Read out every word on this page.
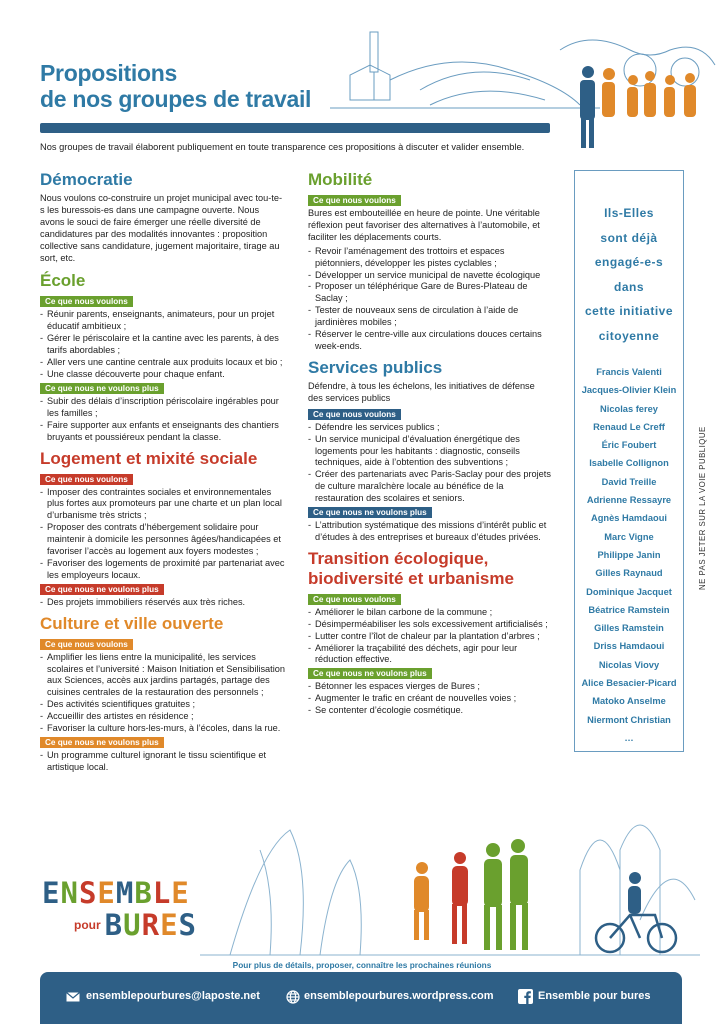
Propositions
de nos groupes de travail
Nos groupes de travail élaborent publiquement en toute transparence ces propositions à discuter et valider ensemble.
Démocratie
Nous voulons co-construire un projet municipal avec tou-te-s les buressois-es dans une campagne ouverte. Nous avons le souci de faire émerger une réelle diversité de candidatures par des modalités innovantes : proposition collective sans candidature, jugement majoritaire, tirage au sort, etc.
École
Ce que nous voulons
- Réunir parents, enseignants, animateurs, pour un projet éducatif ambitieux ;
- Gérer le périscolaire et la cantine avec les parents, à des tarifs abordables ;
- Aller vers une cantine centrale aux produits locaux et bio ;
- Une classe découverte pour chaque enfant.
Ce que nous ne voulons plus
- Subir des délais d’inscription périscolaire ingérables pour les familles ;
- Faire supporter aux enfants et enseignants des chantiers bruyants et poussiéreux pendant la classe.
Logement et mixité sociale
Ce que nous voulons
- Imposer des contraintes sociales et environnementales plus fortes aux promoteurs par une charte et un plan local d’urbanisme très stricts ;
- Proposer des contrats d’hébergement solidaire pour maintenir à domicile les personnes âgées/handicapées et favoriser l’accès au logement aux foyers modestes ;
- Favoriser des logements de proximité par partenariat avec les employeurs locaux.
Ce que nous ne voulons plus
- Des projets immobiliers réservés aux très riches.
Culture et ville ouverte
Ce que nous voulons
- Amplifier les liens entre la municipalité, les services scolaires et l’université : Maison Initiation et Sensibilisation aux Sciences, accès aux jardins partagés, partage des cuisines centrales de la restauration des personnels ;
- Des activités scientifiques gratuites ;
- Accueillir des artistes en résidence ;
- Favoriser la culture hors-les-murs, à l’écoles, dans la rue.
Ce que nous ne voulons plus
- Un programme culturel ignorant le tissu scientifique et artistique local.
Mobilité
Ce que nous voulons
Bures est embouteillée en heure de pointe. Une véritable réflexion peut favoriser des alternatives à l’automobile, et faciliter les déplacements courts.
- Revoir l’aménagement des trottoirs et espaces piétonniers, développer les pistes cyclables ;
- Développer un service municipal de navette écologique
- Proposer un téléphérique Gare de Bures-Plateau de Saclay ;
- Tester de nouveaux sens de circulation à l’aide de jardinières mobiles ;
- Réserver le centre-ville aux circulations douces certains week-ends.
Services publics
Défendre, à tous les échelons, les initiatives de défense des services publics
Ce que nous voulons
- Défendre les services publics ;
- Un service municipal d’évaluation énergétique des logements pour les habitants : diagnostic, conseils techniques, aide à l’obtention des subventions ;
- Créer des partenariats avec Paris-Saclay pour des projets de culture maraîchère locale au bénéfice de la restauration des scolaires et seniors.
Ce que nous ne voulons plus
- L’attribution systématique des missions d’intérêt public et d’études à des entreprises et bureaux d’études privées.
Transition écologique,
biodiversité et urbanisme
Ce que nous voulons
- Améliorer le bilan carbone de la commune ;
- Désimperméabiliser les sols excessivement artificialisés ;
- Lutter contre l’îlot de chaleur par la plantation d’arbres ;
- Améliorer la traçabilité des déchets, agir pour leur réduction effective.
Ce que nous ne voulons plus
- Bétonner les espaces vierges de Bures ;
- Augmenter le trafic en créant de nouvelles voies ;
- Se contenter d’écologie cosmétique.
Ils-Elles
sont déjà
engagé-e-s
dans
cette initiative
citoyenne
Francis Valenti
Jacques-Olivier Klein
Nicolas ferey
Renaud Le Creff
Éric Foubert
Isabelle Collignon
David Treille
Adrienne Ressayre
Agnès Hamdaoui
Marc Vigne
Philippe Janin
Gilles Raynaud
Dominique Jacquet
Béatrice Ramstein
Gilles Ramstein
Driss Hamdaoui
Nicolas Viovy
Alice Besacier-Picard
Matoko Anselme
Niermont Christian
…
NE PAS JETER SUR LA VOIE PUBLIQUE
ENSEMBLE
pour BURES
Pour plus de détails, proposer, connaître les prochaines réunions
ensemblepourbures@laposte.net	ensemblepourbures.wordpress.com	Ensemble pour bures
